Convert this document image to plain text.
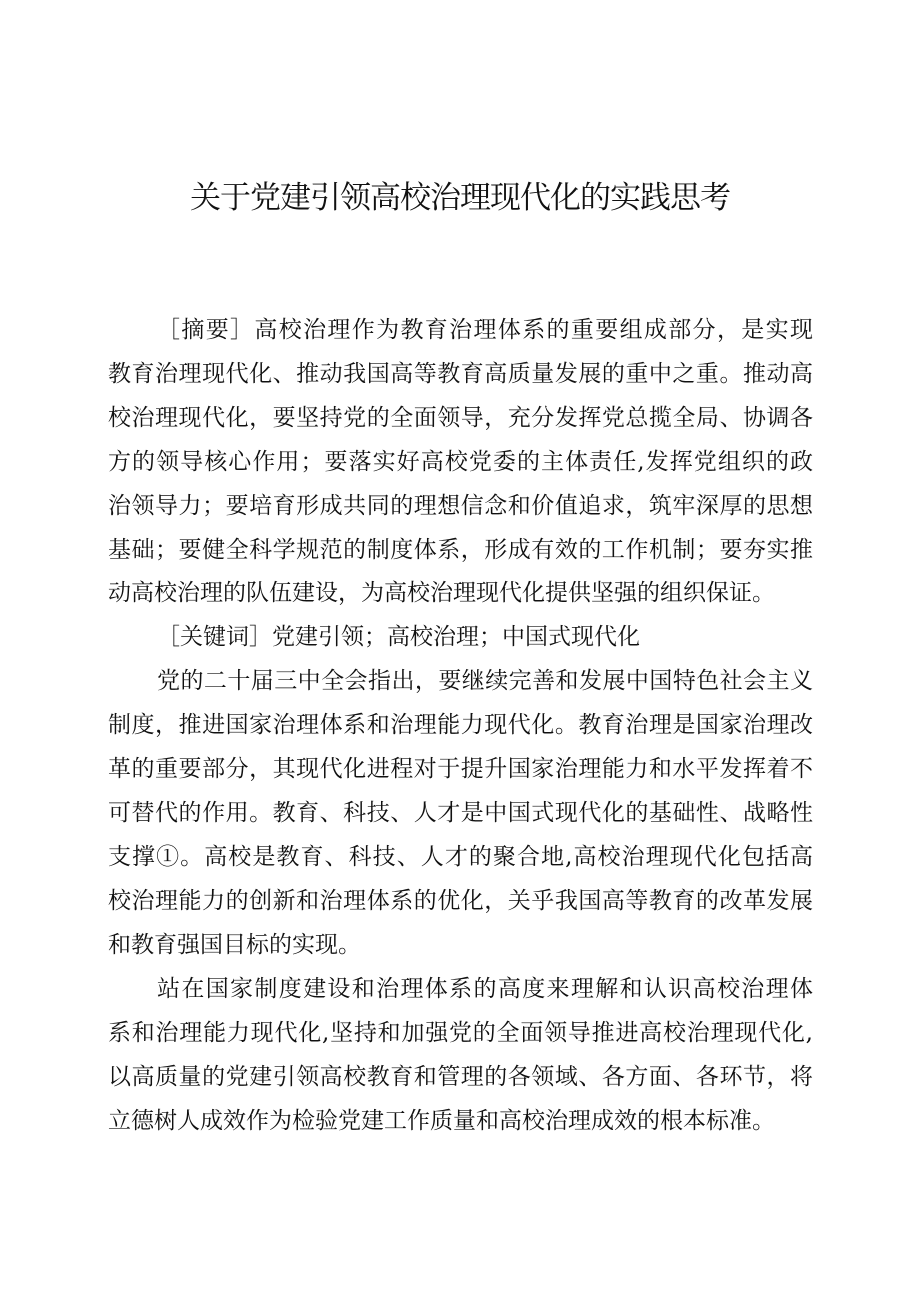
关于党建引领高校治理现代化的实践思考
［摘要］高校治理作为教育治理体系的重要组成部分，是实现
教育治理现代化、推动我国高等教育高质量发展的重中之重。推动高
校治理现代化，要坚持党的全面领导，充分发挥党总揽全局、协调各
方的领导核心作用；要落实好高校党委的主体责任,发挥党组织的政
治领导力；要培育形成共同的理想信念和价值追求，筑牢深厚的思想
基础；要健全科学规范的制度体系，形成有效的工作机制；要夯实推
动高校治理的队伍建设，为高校治理现代化提供坚强的组织保证。
［关键词］党建引领；高校治理；中国式现代化
党的二十届三中全会指出，要继续完善和发展中国特色社会主义
制度，推进国家治理体系和治理能力现代化。教育治理是国家治理改
革的重要部分，其现代化进程对于提升国家治理能力和水平发挥着不
可替代的作用。教育、科技、人才是中国式现代化的基础性、战略性
支撑①。高校是教育、科技、人才的聚合地,高校治理现代化包括高
校治理能力的创新和治理体系的优化，关乎我国高等教育的改革发展
和教育强国目标的实现。
站在国家制度建设和治理体系的高度来理解和认识高校治理体
系和治理能力现代化,坚持和加强党的全面领导推进高校治理现代化,
以高质量的党建引领高校教育和管理的各领域、各方面、各环节，将
立德树人成效作为检验党建工作质量和高校治理成效的根本标准。
